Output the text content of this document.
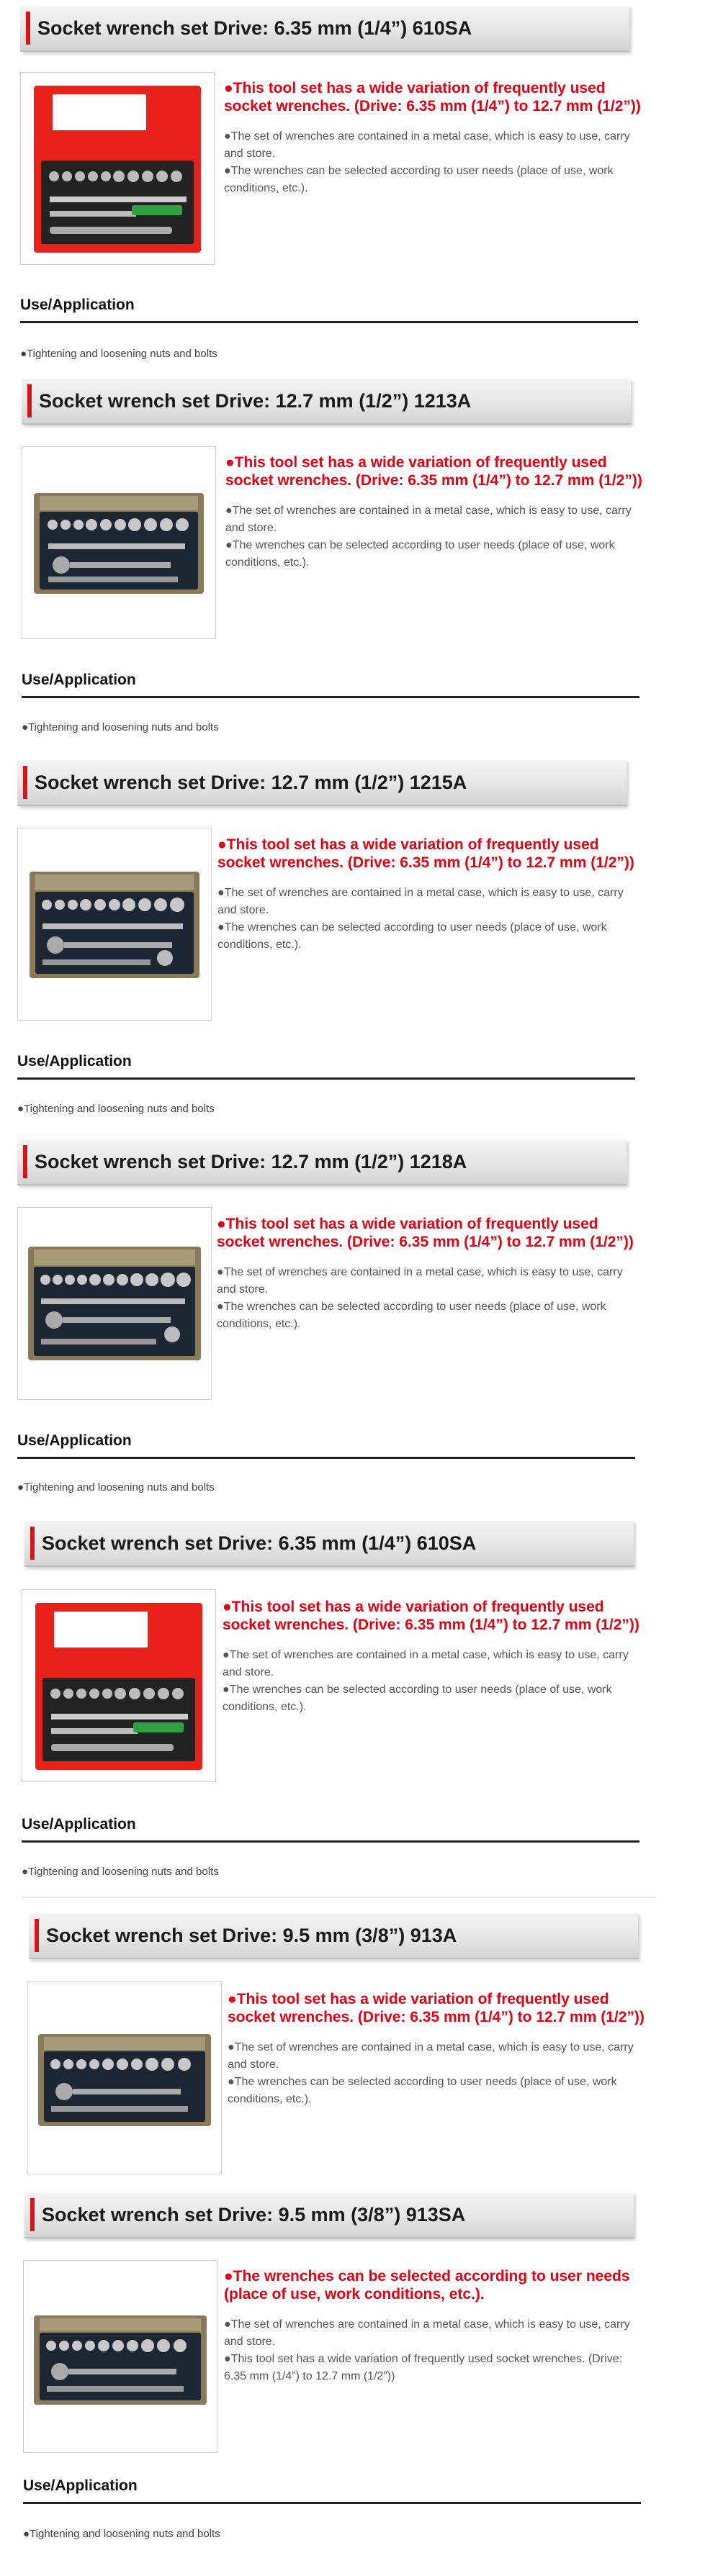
Socket wrench set Drive: 6.35 mm (1/4”) 610SA

●This tool set has a wide variation of frequently used socket wrenches. (Drive: 6.35 mm (1/4”) to 12.7 mm (1/2”))

●The set of wrenches are contained in a metal case, which is easy to use, carry and store.

●The wrenches can be selected according to user needs (place of use, work conditions, etc.).

Use/Application
●Tightening and loosening nuts and bolts
Socket wrench set Drive: 12.7 mm (1/2”) 1213A

●This tool set has a wide variation of frequently used socket wrenches. (Drive: 6.35 mm (1/4”) to 12.7 mm (1/2”))

●The set of wrenches are contained in a metal case, which is easy to use, carry and store.

●The wrenches can be selected according to user needs (place of use, work conditions, etc.).

Use/Application
●Tightening and loosening nuts and bolts
Socket wrench set Drive: 12.7 mm (1/2”) 1215A

●This tool set has a wide variation of frequently used socket wrenches. (Drive: 6.35 mm (1/4”) to 12.7 mm (1/2”))

●The set of wrenches are contained in a metal case, which is easy to use, carry and store.

●The wrenches can be selected according to user needs (place of use, work conditions, etc.).

Use/Application
●Tightening and loosening nuts and bolts
Socket wrench set Drive: 12.7 mm (1/2”) 1218A

●This tool set has a wide variation of frequently used socket wrenches. (Drive: 6.35 mm (1/4”) to 12.7 mm (1/2”))

●The set of wrenches are contained in a metal case, which is easy to use, carry and store.

●The wrenches can be selected according to user needs (place of use, work conditions, etc.).

Use/Application
●Tightening and loosening nuts and bolts
Socket wrench set Drive: 6.35 mm (1/4”) 610SA

●This tool set has a wide variation of frequently used socket wrenches. (Drive: 6.35 mm (1/4”) to 12.7 mm (1/2”))

●The set of wrenches are contained in a metal case, which is easy to use, carry and store.

●The wrenches can be selected according to user needs (place of use, work conditions, etc.).

Use/Application
●Tightening and loosening nuts and bolts
Socket wrench set Drive: 9.5 mm (3/8”) 913A

●This tool set has a wide variation of frequently used socket wrenches. (Drive: 6.35 mm (1/4”) to 12.7 mm (1/2”))

●The set of wrenches are contained in a metal case, which is easy to use, carry and store.

●The wrenches can be selected according to user needs (place of use, work conditions, etc.).

Socket wrench set Drive: 9.5 mm (3/8”) 913SA

●The wrenches can be selected according to user needs (place of use, work conditions, etc.).

●The set of wrenches are contained in a metal case, which is easy to use, carry and store.

●This tool set has a wide variation of frequently used socket wrenches. (Drive: 6.35 mm (1/4”) to 12.7 mm (1/2”))

Use/Application
●Tightening and loosening nuts and bolts
